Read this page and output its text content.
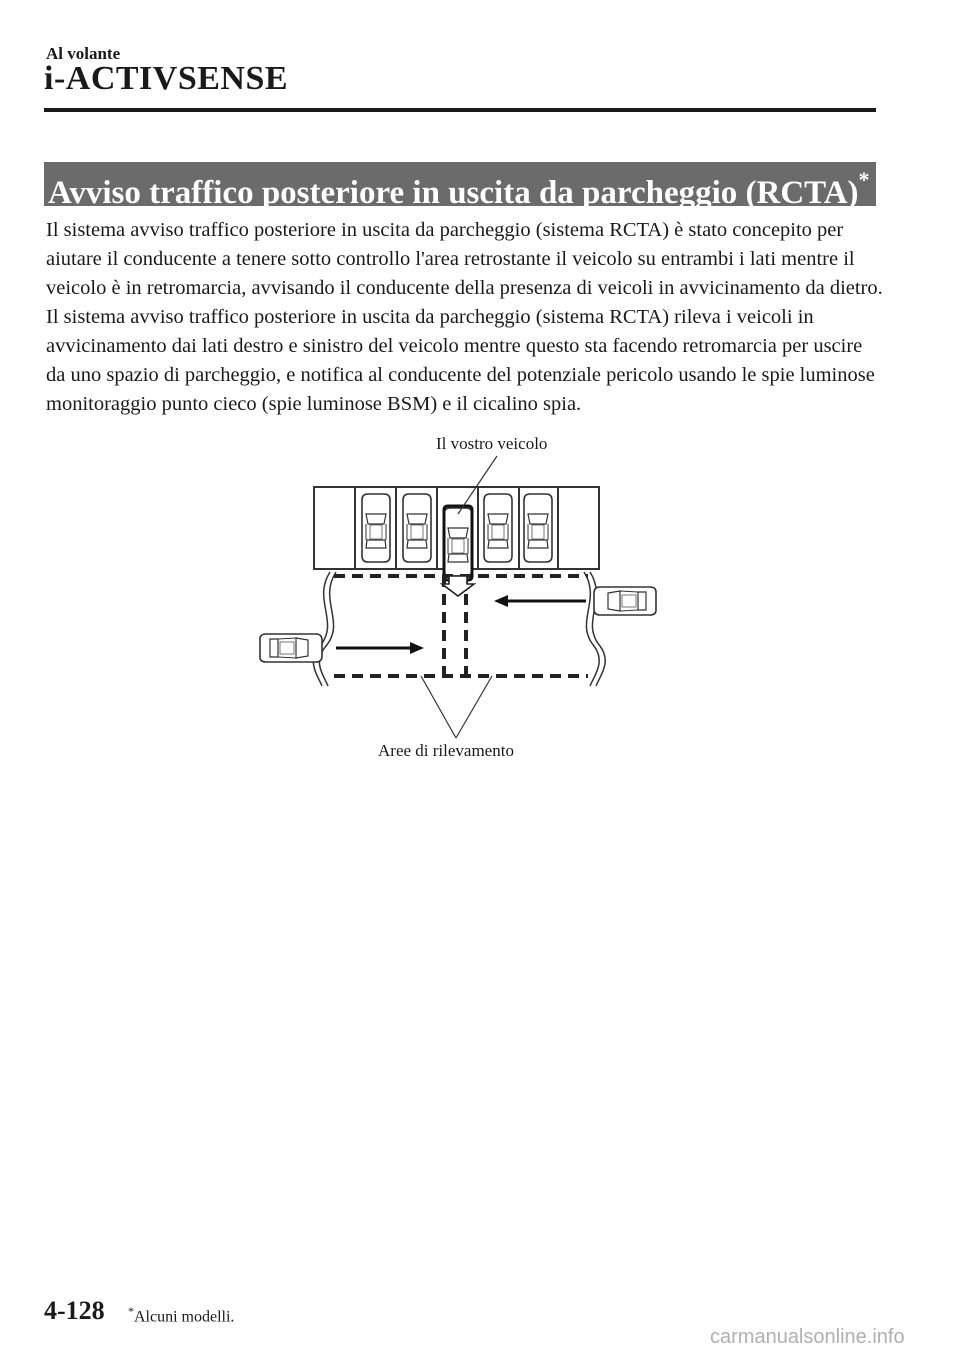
Al volante
i-ACTIVSENSE
Avviso traffico posteriore in uscita da parcheggio (RCTA)*

Il sistema avviso traffico posteriore in uscita da parcheggio (sistema RCTA) è stato concepito per aiutare il conducente a tenere sotto controllo l'area retrostante il veicolo su entrambi i lati mentre il veicolo è in retromarcia, avvisando il conducente della presenza di veicoli in avvicinamento da dietro.

Il sistema avviso traffico posteriore in uscita da parcheggio (sistema RCTA) rileva i veicoli in avvicinamento dai lati destro e sinistro del veicolo mentre questo sta facendo retromarcia per uscire da uno spazio di parcheggio, e notifica al conducente del potenziale pericolo usando le spie luminose monitoraggio punto cieco (spie luminose BSM) e il cicalino spia.

Il vostro veicolo
Aree di rilevamento
4-128 *Alcuni modelli.
carmanualsonline.info
